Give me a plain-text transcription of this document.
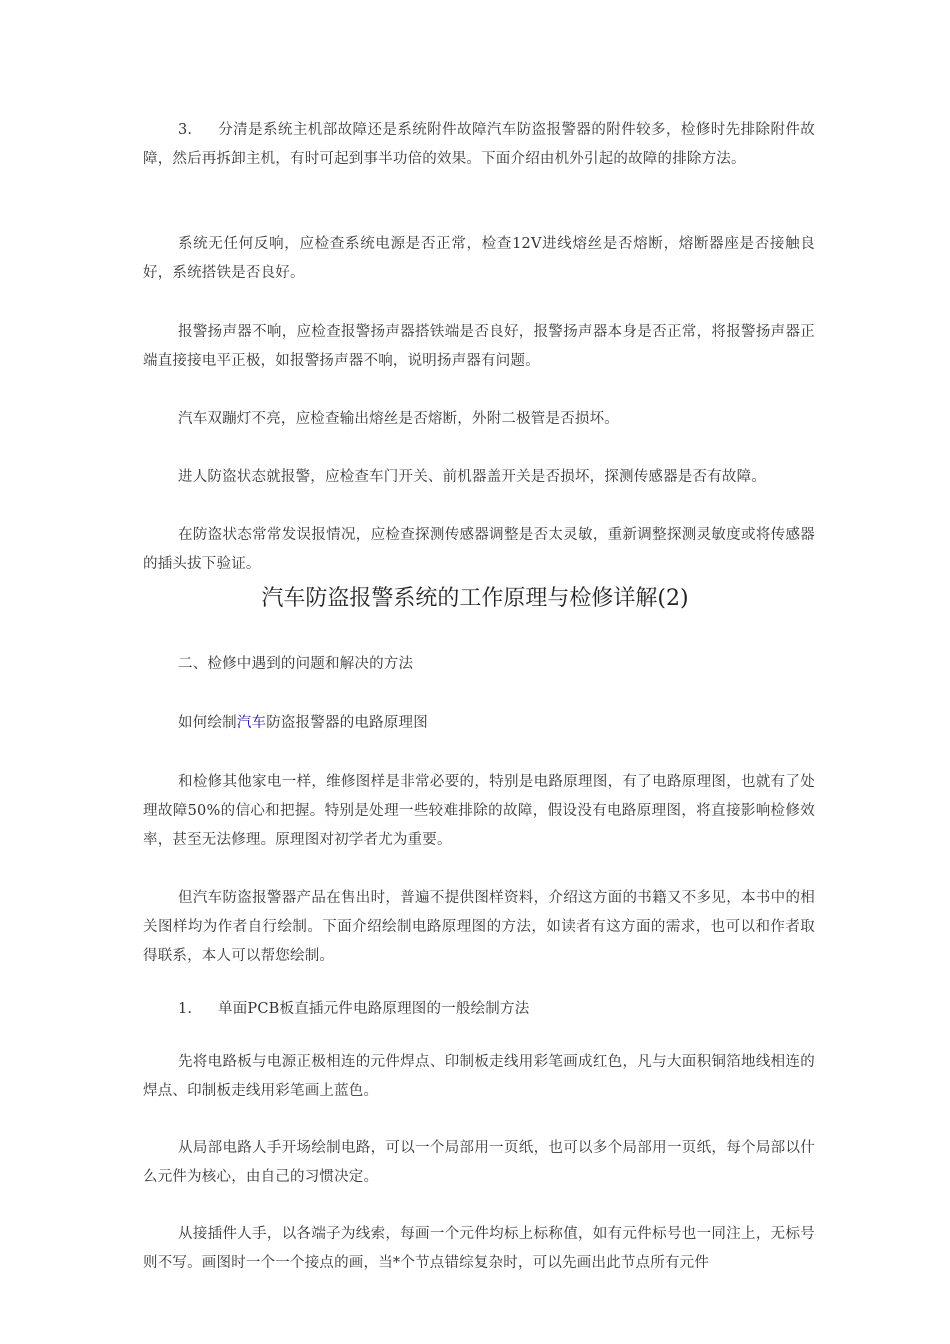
3. 分清是系统主机部故障还是系统附件故障汽车防盗报警器的附件较多，检修时先排除附件故障，然后再拆卸主机，有时可起到事半功倍的效果。下面介绍由机外引起的故障的排除方法。

系统无任何反响，应检查系统电源是否正常，检查12V进线熔丝是否熔断，熔断器座是否接触良好，系统搭铁是否良好。

报警扬声器不响，应检查报警扬声器搭铁端是否良好，报警扬声器本身是否正常，将报警扬声器正端直接接电平正极，如报警扬声器不响，说明扬声器有问题。

汽车双蹦灯不亮，应检查输出熔丝是否熔断，外附二极管是否损坏。

进人防盗状态就报警，应检查车门开关、前机器盖开关是否损坏，探测传感器是否有故障。

在防盗状态常常发误报情况，应检查探测传感器调整是否太灵敏，重新调整探测灵敏度或将传感器的插头拔下验证。

汽车防盗报警系统的工作原理与检修详解(2)

二、检修中遇到的问题和解决的方法

如何绘制汽车防盗报警器的电路原理图

和检修其他家电一样，维修图样是非常必要的，特别是电路原理图，有了电路原理图，也就有了处理故障50%的信心和把握。特别是处理一些较难排除的故障，假设没有电路原理图，将直接影响检修效率，甚至无法修理。原理图对初学者尤为重要。

但汽车防盗报警器产品在售出时，普遍不提供图样资料，介绍这方面的书籍又不多见，本书中的相关图样均为作者自行绘制。下面介绍绘制电路原理图的方法，如读者有这方面的需求，也可以和作者取得联系，本人可以帮您绘制。

1. 单面PCB板直插元件电路原理图的一般绘制方法

先将电路板与电源正极相连的元件焊点、印制板走线用彩笔画成红色，凡与大面积铜箔地线相连的焊点、印制板走线用彩笔画上蓝色。

从局部电路人手开场绘制电路，可以一个局部用一页纸，也可以多个局部用一页纸，每个局部以什么元件为核心，由自己的习惯决定。

从接插件人手，以各端子为线索，每画一个元件均标上标称值，如有元件标号也一同注上，无标号则不写。画图时一个一个接点的画，当*个节点错综复杂时，可以先画出此节点所有元件
